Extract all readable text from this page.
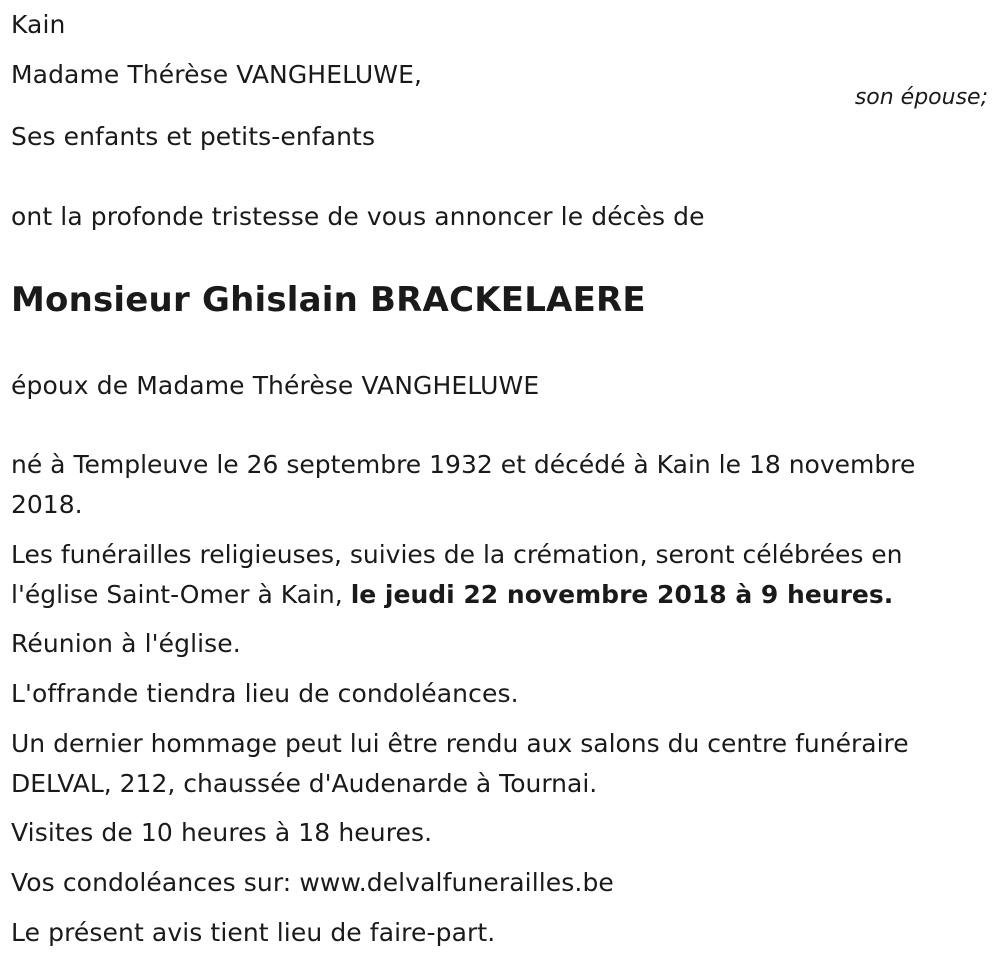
Kain

Madame Thérèse VANGHELUWE,

son épouse;

Ses enfants et petits-enfants

ont la profonde tristesse de vous annoncer le décès de

Monsieur Ghislain BRACKELAERE

époux de Madame Thérèse VANGHELUWE

né à Templeuve le 26 septembre 1932 et décédé à Kain le 18 novembre 2018.

Les funérailles religieuses, suivies de la crémation, seront célébrées en l'église Saint-Omer à Kain, le jeudi 22 novembre 2018 à 9 heures.

Réunion à l'église.

L'offrande tiendra lieu de condoléances.

Un dernier hommage peut lui être rendu aux salons du centre funéraire DELVAL, 212, chaussée d'Audenarde à Tournai.

Visites de 10 heures à 18 heures.

Vos condoléances sur: www.delvalfunerailles.be

Le présent avis tient lieu de faire-part.
